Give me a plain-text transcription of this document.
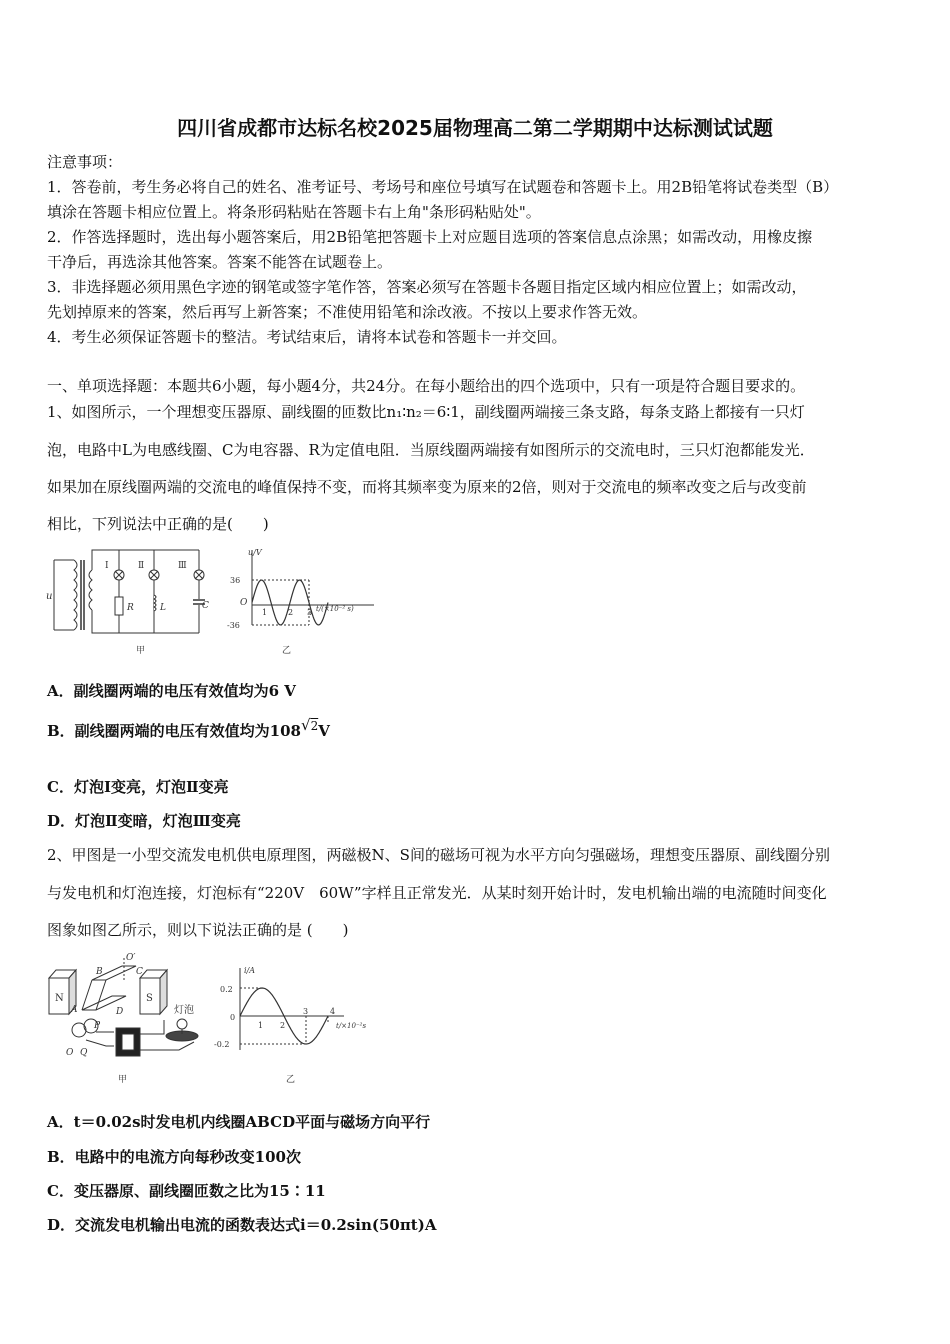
四川省成都市达标名校2025届物理高二第二学期期中达标测试试题
注意事项：
1．答卷前，考生务必将自己的姓名、准考证号、考场号和座位号填写在试题卷和答题卡上。用2B铅笔将试卷类型（B）
填涂在答题卡相应位置上。将条形码粘贴在答题卡右上角"条形码粘贴处"。
2．作答选择题时，选出每小题答案后，用2B铅笔把答题卡上对应题目选项的答案信息点涂黑；如需改动，用橡皮擦
干净后，再选涂其他答案。答案不能答在试题卷上。
3．非选择题必须用黑色字迹的钢笔或签字笔作答，答案必须写在答题卡各题目指定区域内相应位置上；如需改动，
先划掉原来的答案，然后再写上新答案；不准使用铅笔和涂改液。不按以上要求作答无效。
4．考生必须保证答题卡的整洁。考试结束后，请将本试卷和答题卡一并交回。
一、单项选择题：本题共6小题，每小题4分，共24分。在每小题给出的四个选项中，只有一项是符合题目要求的。
1、如图所示，一个理想变压器原、副线圈的匝数比n₁∶n₂＝6∶1，副线圈两端接三条支路，每条支路上都接有一只灯
泡，电路中L为电感线圈、C为电容器、R为定值电阻．当原线圈两端接有如图所示的交流电时，三只灯泡都能发光．
如果加在原线圈两端的交流电的峰值保持不变，而将其频率变为原来的2倍，则对于交流电的频率改变之后与改变前
相比，下列说法中正确的是(　　)
u
Ⅰ	Ⅱ	Ⅲ
R	L	C
甲
u/V
36
-36
O
1	2 3 t/(×10⁻² s)
乙
A．副线圈两端的电压有效值均为6 V
B．副线圈两端的电压有效值均为108√2V
C．灯泡Ⅰ变亮，灯泡Ⅱ变亮
D．灯泡Ⅱ变暗，灯泡Ⅲ变亮
2、甲图是一小型交流发电机供电原理图，两磁极N、S间的磁场可视为水平方向匀强磁场，理想变压器原、副线圈分别
与发电机和灯泡连接，灯泡标有“220V　60W”字样且正常发光．从某时刻开始计时，发电机输出端的电流随时间变化
图象如图乙所示，则以下说法正确的是 (　　)
N	S
B	C
A	D
O′
P
O Q
灯泡
甲
i/A
0.2
-0.2
0
1 2
3	4
t/×10⁻²s
乙
A．t＝0.02s时发电机内线圈ABCD平面与磁场方向平行
B．电路中的电流方向每秒改变100次
C．变压器原、副线圈匝数之比为15∶11
D．交流发电机输出电流的函数表达式i＝0.2sin(50πt)A
